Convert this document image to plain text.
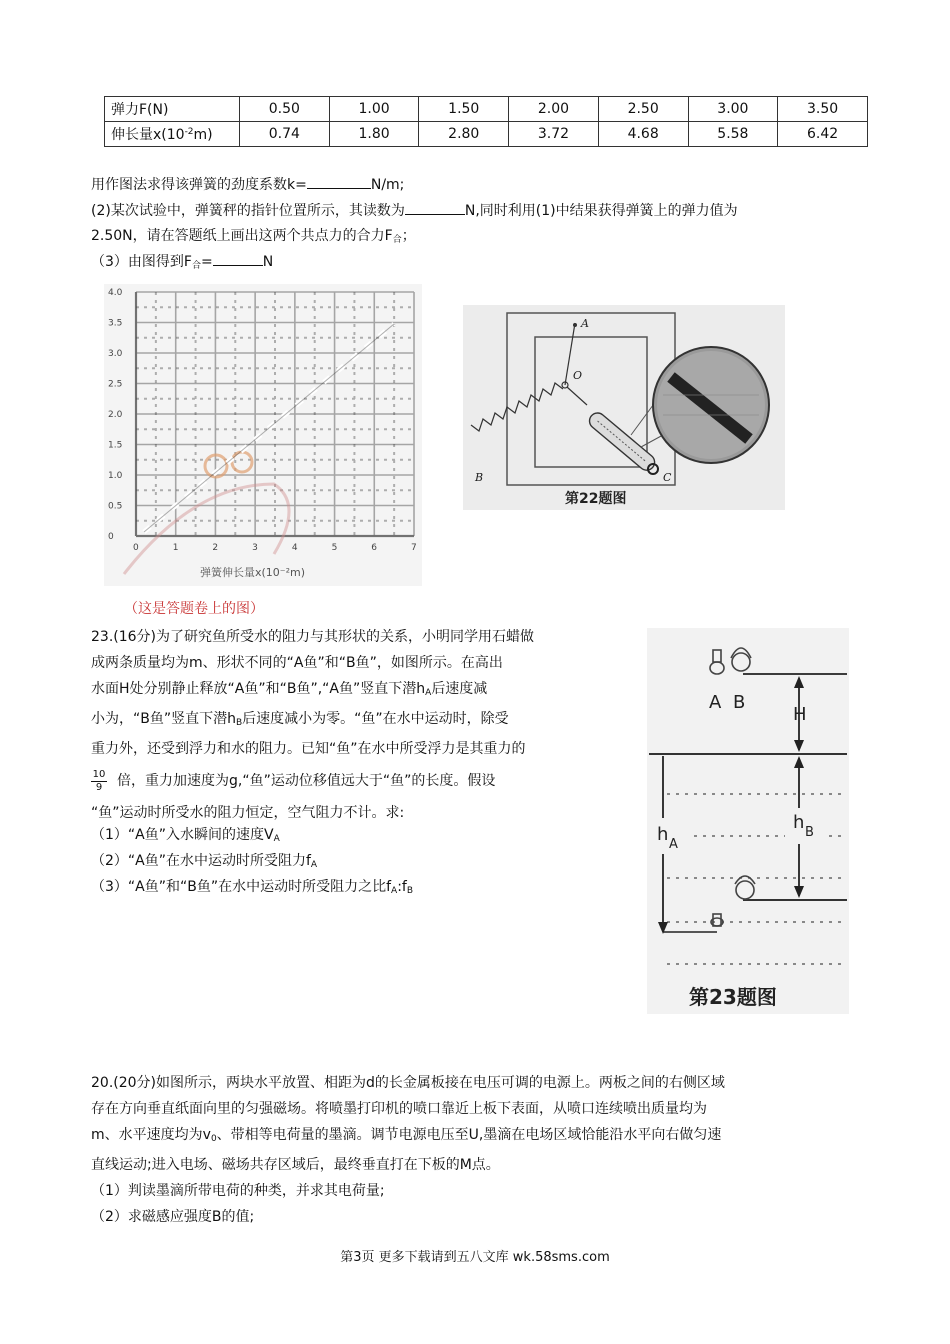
弹力F(N)	0.50	1.00	1.50	2.00	2.50	3.00	3.50
伸长量$x(10^{-2}m)$	0.74	1.80	2.80	3.72	4.68	5.58	6.42
用作图法求得该弹簧的劲度系数k=	N/m;
(2)某次试验中，弹簧秤的指针位置所示，其读数为	N,同时利用(1)中结果获得弹簧上的弹力值为
2.50N，请在答题纸上画出这两个共点力的合力$F_合$；
（3）由图得到$F_合=$	N
0
0.5
1.0
1.5
2.0
2.5
3.0
3.5
4.0
0	1	2	3	4	5	6	7
弹簧伸长量x(10⁻²m)
（这是答题卷上的图）
A
O
B	C
第22题图
23.(16分)为了研究鱼所受水的阻力与其形状的关系，小明同学用石蜡做
成两条质量均为m、形状不同的“A鱼”和“B鱼”，如图所示。在高出
水面H处分别静止释放“A鱼”和“B鱼”,“A鱼”竖直下潜$h_A$后速度减
小为，“B鱼”竖直下潜$h_B$后速度减小为零。“鱼”在水中运动时，除受
重力外，还受到浮力和水的阻力。已知“鱼”在水中所受浮力是其重力的
10
9 倍，重力加速度为g,“鱼”运动位移值远大于“鱼”的长度。假设
“鱼”运动时所受水的阻力恒定，空气阻力不计。求:
（1）“A鱼”入水瞬间的速度$V_A$
（2）“A鱼”在水中运动时所受阻力$f_A$
（3）“A鱼”和“B鱼”在水中运动时所受阻力之比$f_A:f_B$
A B
H
h A
h B
第23题图
20.(20分)如图所示，两块水平放置、相距为d的长金属板接在电压可调的电源上。两板之间的右侧区域
存在方向垂直纸面向里的匀强磁场。将喷墨打印机的喷口靠近上板下表面，从喷口连续喷出质量均为
m、水平速度均为$v_0$、带相等电荷量的墨滴。调节电源电压至U,墨滴在电场区域恰能沿水平向右做匀速
直线运动;进入电场、磁场共存区域后，最终垂直打在下板的M点。
（1）判读墨滴所带电荷的种类，并求其电荷量;
（2）求磁感应强度B的值;
第3页 更多下载请到五八文库 wk.58sms.com
